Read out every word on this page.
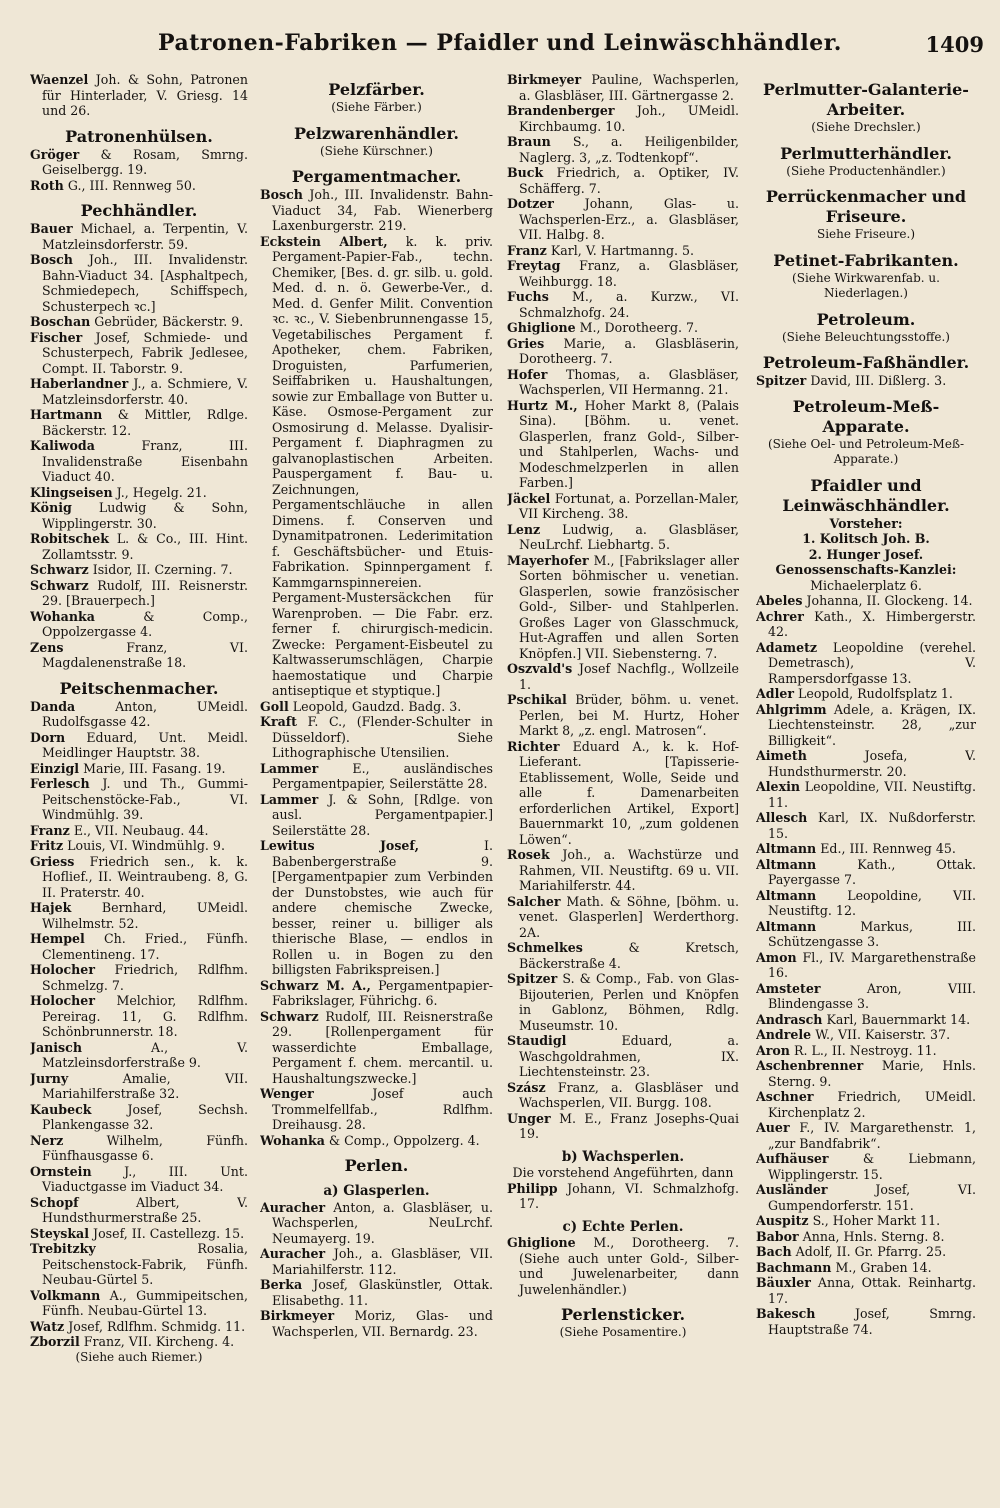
Patronen-Fabriken — Pfaidler und Leinwäschhändler.	1409

Waenzel Joh. & Sohn, Patronen für Hinterlader, V. Griesg. 14 und 26.

Patronenhülsen.

Gröger & Rosam, Smrng. Geiselbergg. 19.

Roth G., III. Rennweg 50.

Pechhändler.

Bauer Michael, a. Terpentin, V. Matzleinsdorferstr. 59.

Bosch Joh., III. Invalidenstr. Bahn-Viaduct 34. [Asphaltpech, Schmiedepech, Schiffspech, Schusterpech ꝛc.]

Boschan Gebrüder, Bäckerstr. 9.

Fischer Josef, Schmiede- und Schusterpech, Fabrik Jedlesee, Compt. II. Taborstr. 9.

Haberlandner J., a. Schmiere, V. Matzleinsdorferstr. 40.

Hartmann & Mittler, Rdlge. Bäckerstr. 12.

Kaliwoda	Franz, III. Invalidenstraße Eisenbahn Viaduct 40.

Klingseisen J., Hegelg. 21.

König Ludwig & Sohn, Wipplingerstr. 30.

Robitschek L. & Co., III. Hint. Zollamtsstr. 9.

Schwarz Isidor, II. Czerning. 7.

Schwarz Rudolf, III. Reisnerstr. 29. [Brauerpech.]

Wohanka	& Comp., Oppolzergasse 4.

Zens	Franz, VI. Magdalenenstraße 18.

Peitschenmacher.

Danda	Anton, UMeidl. Rudolfsgasse 42.

Dorn Eduard, Unt. Meidl. Meidlinger Hauptstr. 38.

Einzigl Marie, III. Fasang. 19.

Ferlesch J. und Th., Gummi-Peitschenstöcke-Fab., VI. Windmühlg. 39.

Franz E., VII. Neubaug. 44.

Fritz Louis, VI. Windmühlg. 9.

Griess Friedrich sen., k. k. Hoflief., II. Weintraubeng. 8, G. II. Praterstr. 40.

Hajek Bernhard, UMeidl. Wilhelmstr. 52.

Hempel Ch. Fried., Fünfh. Clementineng. 17.

Holocher Friedrich, Rdlfhm. Schmelzg. 7.

Holocher Melchior, Rdlfhm. Pereirag. 11, G. Rdlfhm. Schönbrunnerstr. 18.

Janisch	A., V. Matzleinsdorferstraße 9.

Jurny	Amalie, VII. Mariahilferstraße 32.

Kaubeck	Josef, Sechsh. Plankengasse 32.

Nerz	Wilhelm, Fünfh. Fünfhausgasse 6.

Ornstein	J., III. Unt. Viaductgasse im Viaduct 34.

Schopf	Albert, V. Hundsthurmerstraße 25.

Steyskal Josef, II. Castellezg. 15.

Trebitzky	Rosalia, Peitschenstock-Fabrik, Fünfh. Neubau-Gürtel 5.

Volkmann A., Gummipeitschen, Fünfh. Neubau-Gürtel 13.

Watz Josef, Rdlfhm. Schmidg. 11.

Zborzil Franz, VII. Kircheng. 4.

(Siehe auch Riemer.)

Pelzfärber.

(Siehe Färber.)

Pelzwarenhändler.

(Siehe Kürschner.)

Pergamentmacher.

Bosch Joh., III. Invalidenstr. Bahn-Viaduct 34, Fab. Wienerberg Laxenburgerstr. 219.

Eckstein Albert, k. k. priv. Pergament-Papier-Fab., techn. Chemiker, [Bes. d. gr. silb. u. gold. Med. d. n. ö. Gewerbe-Ver., d. Med. d. Genfer Milit. Convention ꝛc. ꝛc., V. Siebenbrunnengasse 15, Vegetabilisches Pergament f. Apotheker, chem. Fabriken, Droguisten, Parfumerien, Seiffabriken u. Haushaltungen, sowie zur Emballage von Butter u. Käse. Osmose-Pergament zur Osmosirung d. Melasse. Dyalisir-Pergament f. Diaphragmen zu galvanoplastischen Arbeiten. Pauspergament f. Bau- u. Zeichnungen, Pergamentschläuche in allen Dimens. f. Conserven und Dynamitpatronen. Lederimitation f. Geschäftsbücher- und Etuis-Fabrikation. Spinnpergament f. Kammgarnspinnereien. Pergament-Mustersäckchen für Warenproben. — Die Fabr. erz. ferner f. chirurgisch-medicin. Zwecke: Pergament-Eisbeutel zu Kaltwasserumschlägen, Charpie haemostatique und Charpie antiseptique et styptique.]

Goll Leopold, Gaudzd. Badg. 3.

Kraft F. C., (Flender-Schulter in Düsseldorf). Siehe Lithographische Utensilien.

Lammer	E., ausländisches Pergamentpapier, Seilerstätte 28.

Lammer J. & Sohn, [Rdlge. von ausl. Pergamentpapier.] Seilerstätte 28.

Lewitus Josef,	I. Babenbergerstraße 9. [Pergamentpapier zum Verbinden der Dunstobstes, wie auch für andere chemische Zwecke, besser, reiner u. billiger als thierische Blase, — endlos in Rollen u. in Bogen zu den billigsten Fabrikspreisen.]

Schwarz M. A., Pergamentpapier-Fabrikslager, Führichg. 6.

Schwarz Rudolf, III. Reisnerstraße 29. [Rollenpergament für wasserdichte Emballage, Pergament f. chem. mercantil. u. Haushaltungszwecke.]

Wenger	Josef auch Trommelfellfab., Rdlfhm. Dreihausg. 28.

Wohanka & Comp., Oppolzerg. 4.

Perlen.

a) Glasperlen.

Auracher Anton, a. Glasbläser, u. Wachsperlen, NeuLrchf. Neumayerg. 19.

Auracher Joh., a. Glasbläser, VII. Mariahilferstr. 112.

Berka Josef, Glaskünstler, Ottak. Elisabethg. 11.

Birkmeyer Moriz, Glas- und Wachsperlen, VII. Bernardg. 23.

Birkmeyer Pauline, Wachsperlen, a. Glasbläser, III. Gärtnergasse 2.

Brandenberger Joh., UMeidl. Kirchbaumg. 10.

Braun S., a. Heiligenbilder, Naglerg. 3, „z. Todtenkopf“.

Buck Friedrich, a. Optiker, IV. Schäfferg. 7.

Dotzer Johann, Glas- u. Wachsperlen-Erz., a. Glasbläser, VII. Halbg. 8.

Franz Karl, V. Hartmanng. 5.

Freytag Franz, a. Glasbläser, Weihburgg. 18.

Fuchs M., a. Kurzw., VI. Schmalzhofg. 24.

Ghiglione M., Dorotheerg. 7.

Gries Marie, a. Glasbläserin, Dorotheerg. 7.

Hofer Thomas, a. Glasbläser, Wachsperlen, VII Hermanng. 21.

Hurtz M., Hoher Markt 8, (Palais Sina). [Böhm. u. venet. Glasperlen, franz Gold-, Silber- und Stahlperlen, Wachs- und Modeschmelzperlen in allen Farben.]

Jäckel Fortunat, a. Porzellan-Maler, VII Kircheng. 38.

Lenz Ludwig, a. Glasbläser, NeuLrchf. Liebhartg. 5.

Mayerhofer M., [Fabrikslager aller Sorten böhmischer u. venetian. Glasperlen, sowie französischer Gold-, Silber- und Stahlperlen. Großes Lager von Glasschmuck, Hut-Agraffen und allen Sorten Knöpfen.] VII. Siebensterng. 7.

Oszvald's Josef Nachflg., Wollzeile 1.

Pschikal Brüder, böhm. u. venet. Perlen, bei M. Hurtz, Hoher Markt 8, „z. engl. Matrosen“.

Richter Eduard A., k. k. Hof-Lieferant. [Tapisserie-Etablissement, Wolle, Seide und alle f. Damenarbeiten erforderlichen Artikel, Export] Bauernmarkt 10, „zum goldenen Löwen“.

Rosek Joh., a. Wachstürze und Rahmen, VII. Neustiftg. 69 u. VII. Mariahilferstr. 44.

Salcher Math. & Söhne, [böhm. u. venet. Glasperlen] Werderthorg. 2A.

Schmelkes	& Kretsch, Bäckerstraße 4.

Spitzer S. & Comp., Fab. von Glas-Bijouterien, Perlen und Knöpfen in Gablonz, Böhmen, Rdlg. Museumstr. 10.

Staudigl	Eduard, a. Waschgoldrahmen, IX. Liechtensteinstr. 23.

Szász Franz, a. Glasbläser und Wachsperlen, VII. Burgg. 108.

Unger M. E., Franz Josephs-Quai 19.

b) Wachsperlen.

Die vorstehend Angeführten, dann

Philipp Johann, VI. Schmalzhofg. 17.

c) Echte Perlen.

Ghiglione M., Dorotheerg. 7. (Siehe auch unter Gold-, Silber- und Juwelenarbeiter, dann Juwelenhändler.)

Perlensticker.

(Siehe Posamentire.)

Perlmutter-Galanterie-Arbeiter.

(Siehe Drechsler.)

Perlmutterhändler.

(Siehe Productenhändler.)

Perrückenmacher und Friseure.

Siehe Friseure.)

Petinet-Fabrikanten.

(Siehe Wirkwarenfab. u. Niederlagen.)

Petroleum.

(Siehe Beleuchtungsstoffe.)

Petroleum-Faßhändler.

Spitzer David, III. Dißlerg. 3.

Petroleum-Meß-Apparate.

(Siehe Oel- und Petroleum-Meß-Apparate.)

Pfaidler und Leinwäschhändler.

Vorsteher:

1. Kolitsch Joh. B.

2. Hunger Josef.

Genossenschafts-Kanzlei:

Michaelerplatz 6.

Abeles Johanna, II. Glockeng. 14.

Achrer Kath., X. Himbergerstr. 42.

Adametz Leopoldine (verehel. Demetrasch), V. Rampersdorfgasse 13.

Adler Leopold, Rudolfsplatz 1.

Ahlgrimm Adele, a. Krägen, IX. Liechtensteinstr. 28, „zur Billigkeit“.

Aimeth	Josefa, V. Hundsthurmerstr. 20.

Alexin Leopoldine, VII. Neustiftg. 11.

Allesch Karl, IX. Nußdorferstr. 15.

Altmann Ed., III. Rennweg 45.

Altmann	Kath., Ottak. Payergasse 7.

Altmann Leopoldine, VII. Neustiftg. 12.

Altmann	Markus, III. Schützengasse 3.

Amon Fl., IV. Margarethenstraße 16.

Amsteter	Aron, VIII. Blindengasse 3.

Andrasch Karl, Bauernmarkt 14.

Andrele W., VII. Kaiserstr. 37.

Aron R. L., II. Nestroyg. 11.

Aschenbrenner Marie, Hnls. Sterng. 9.

Aschner Friedrich, UMeidl. Kirchenplatz 2.

Auer F., IV. Margarethenstr. 1, „zur Bandfabrik“.

Aufhäuser	& Liebmann, Wipplingerstr. 15.

Ausländer	Josef, VI. Gumpendorferstr. 151.

Auspitz S., Hoher Markt 11.

Babor Anna, Hnls. Sterng. 8.

Bach Adolf, II. Gr. Pfarrg. 25.

Bachmann M., Graben 14.

Bäuxler Anna, Ottak. Reinhartg. 17.

Bakesch	Josef, Smrng. Hauptstraße 74.
